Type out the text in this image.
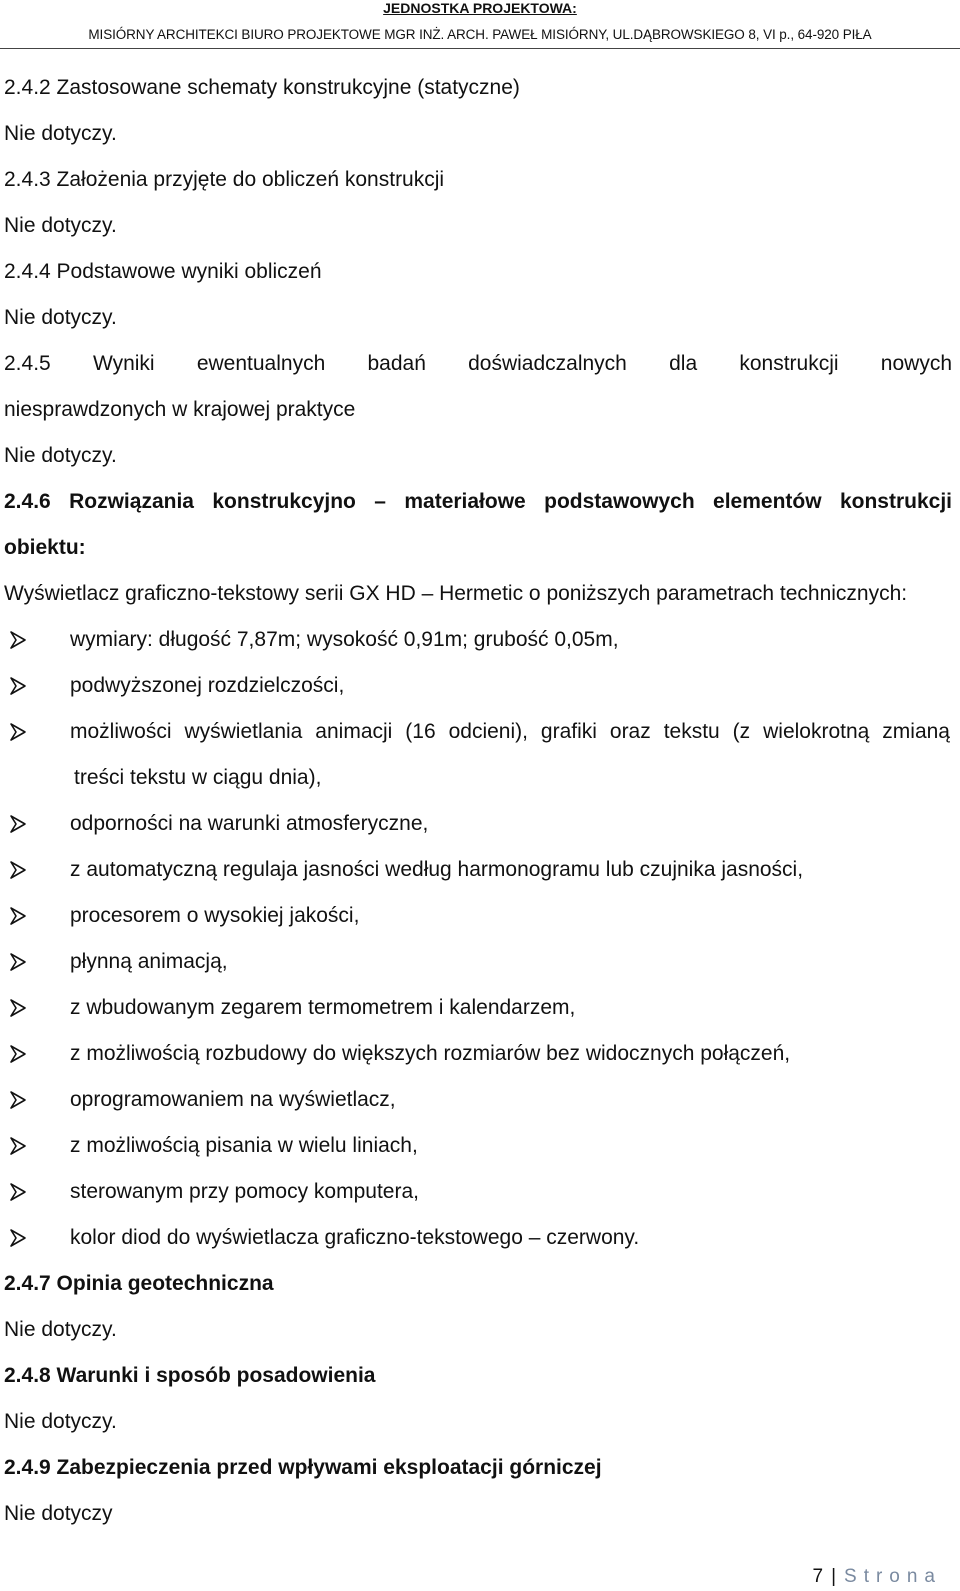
JEDNOSTKA PROJEKTOWA:
MISIÓRNY ARCHITEKCI BIURO PROJEKTOWE MGR INŻ. ARCH. PAWEŁ MISIÓRNY, UL.DĄBROWSKIEGO 8, VI p., 64-920 PIŁA
2.4.2 Zastosowane schematy konstrukcyjne (statyczne)
Nie dotyczy.
2.4.3 Założenia przyjęte do obliczeń konstrukcji
Nie dotyczy.
2.4.4 Podstawowe wyniki obliczeń
Nie dotyczy.
2.4.5 Wyniki ewentualnych badań doświadczalnych dla konstrukcji nowych
niesprawdzonych w krajowej praktyce
Nie dotyczy.
2.4.6 Rozwiązania konstrukcyjno – materiałowe podstawowych elementów konstrukcji
obiektu:
Wyświetlacz graficzno-tekstowy serii GX HD – Hermetic o poniższych parametrach technicznych:
wymiary: długość 7,87m; wysokość 0,91m; grubość 0,05m,
podwyższonej rozdzielczości,
możliwości wyświetlania animacji (16 odcieni), grafiki oraz tekstu (z wielokrotną zmianą
treści tekstu w ciągu dnia),
odporności na warunki atmosferyczne,
z automatyczną regulaja jasności według harmonogramu lub czujnika jasności,
procesorem o wysokiej jakości,
płynną animacją,
z wbudowanym zegarem termometrem i kalendarzem,
z możliwością rozbudowy do większych rozmiarów bez widocznych połączeń,
oprogramowaniem na wyświetlacz,
z możliwością pisania w wielu liniach,
sterowanym przy pomocy komputera,
kolor diod do wyświetlacza graficzno-tekstowego – czerwony.
2.4.7 Opinia geotechniczna
Nie dotyczy.
2.4.8 Warunki i sposób posadowienia
Nie dotyczy.
2.4.9 Zabezpieczenia przed wpływami eksploatacji górniczej
Nie dotyczy
7 | Strona
